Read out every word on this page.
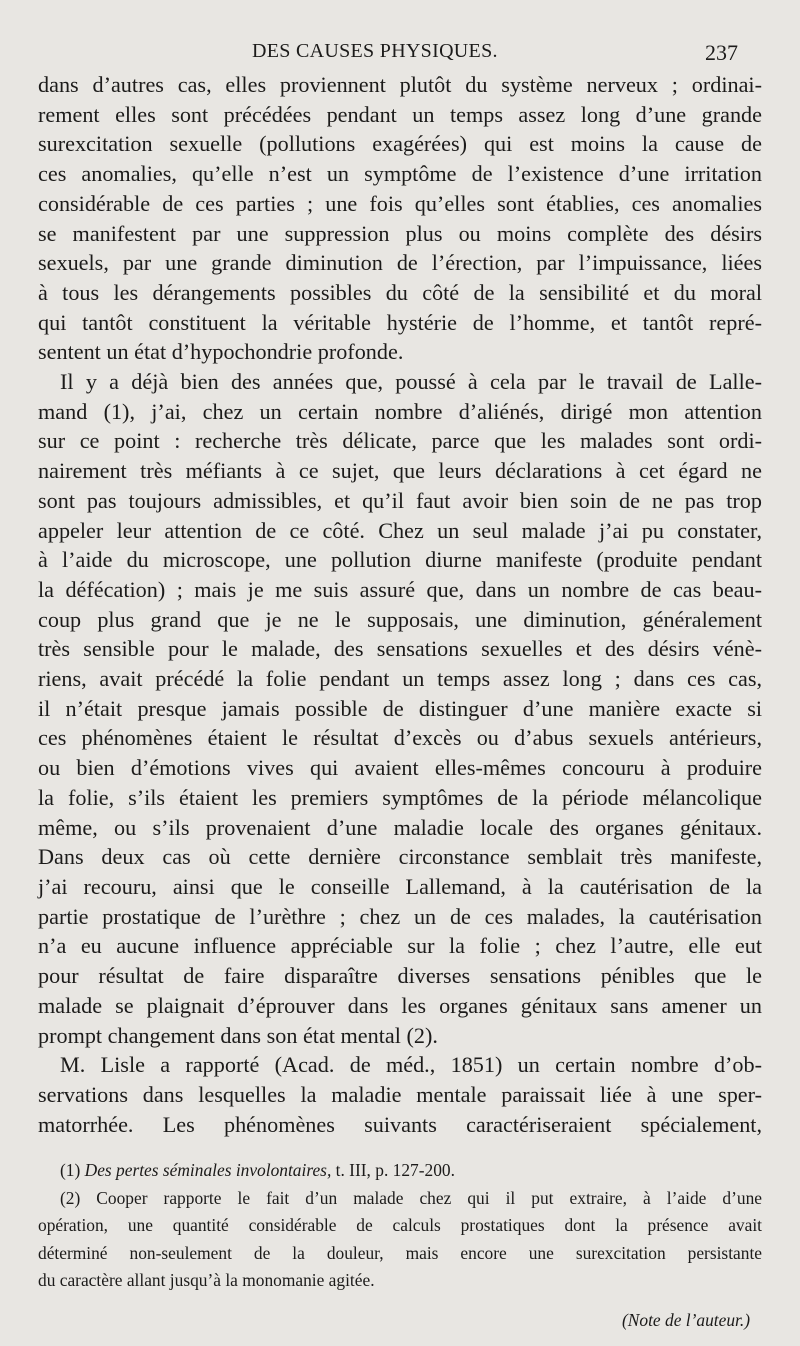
DES CAUSES PHYSIQUES.	237

dans d’autres cas, elles proviennent plutôt du système nerveux ; ordinai-
rement elles sont précédées pendant un temps assez long d’une grande
surexcitation sexuelle (pollutions exagérées) qui est moins la cause de
ces anomalies, qu’elle n’est un symptôme de l’existence d’une irritation
considérable de ces parties ; une fois qu’elles sont établies, ces anomalies
se manifestent par une suppression plus ou moins complète des désirs
sexuels, par une grande diminution de l’érection, par l’impuissance, liées
à tous les dérangements possibles du côté de la sensibilité et du moral
qui tantôt constituent la véritable hystérie de l’homme, et tantôt repré-
sentent un état d’hypochondrie profonde.

Il y a déjà bien des années que, poussé à cela par le travail de Lalle-
mand (1), j’ai, chez un certain nombre d’aliénés, dirigé mon attention
sur ce point : recherche très délicate, parce que les malades sont ordi-
nairement très méfiants à ce sujet, que leurs déclarations à cet égard ne
sont pas toujours admissibles, et qu’il faut avoir bien soin de ne pas trop
appeler leur attention de ce côté. Chez un seul malade j’ai pu constater,
à l’aide du microscope, une pollution diurne manifeste (produite pendant
la défécation) ; mais je me suis assuré que, dans un nombre de cas beau-
coup plus grand que je ne le supposais, une diminution, généralement
très sensible pour le malade, des sensations sexuelles et des désirs vénè-
riens, avait précédé la folie pendant un temps assez long ; dans ces cas,
il n’était presque jamais possible de distinguer d’une manière exacte si
ces phénomènes étaient le résultat d’excès ou d’abus sexuels antérieurs,
ou bien d’émotions vives qui avaient elles-mêmes concouru à produire
la folie, s’ils étaient les premiers symptômes de la période mélancolique
même, ou s’ils provenaient d’une maladie locale des organes génitaux.
Dans deux cas où cette dernière circonstance semblait très manifeste,
j’ai recouru, ainsi que le conseille Lallemand, à la cautérisation de la
partie prostatique de l’urèthre ; chez un de ces malades, la cautérisation
n’a eu aucune influence appréciable sur la folie ; chez l’autre, elle eut
pour résultat de faire disparaître diverses sensations pénibles que le
malade se plaignait d’éprouver dans les organes génitaux sans amener un
prompt changement dans son état mental (2).

M. Lisle a rapporté (Acad. de méd., 1851) un certain nombre d’ob-
servations dans lesquelles la maladie mentale paraissait liée à une sper-
matorrhée. Les phénomènes suivants caractériseraient spécialement,

(1) Des pertes séminales involontaires, t. III, p. 127-200.

(2) Cooper rapporte le fait d’un malade chez qui il put extraire, à l’aide d’une
opération, une quantité considérable de calculs prostatiques dont la présence avait
déterminé non-seulement de la douleur, mais encore une surexcitation persistante
du caractère allant jusqu’à la monomanie agitée.

(Note de l’auteur.)
